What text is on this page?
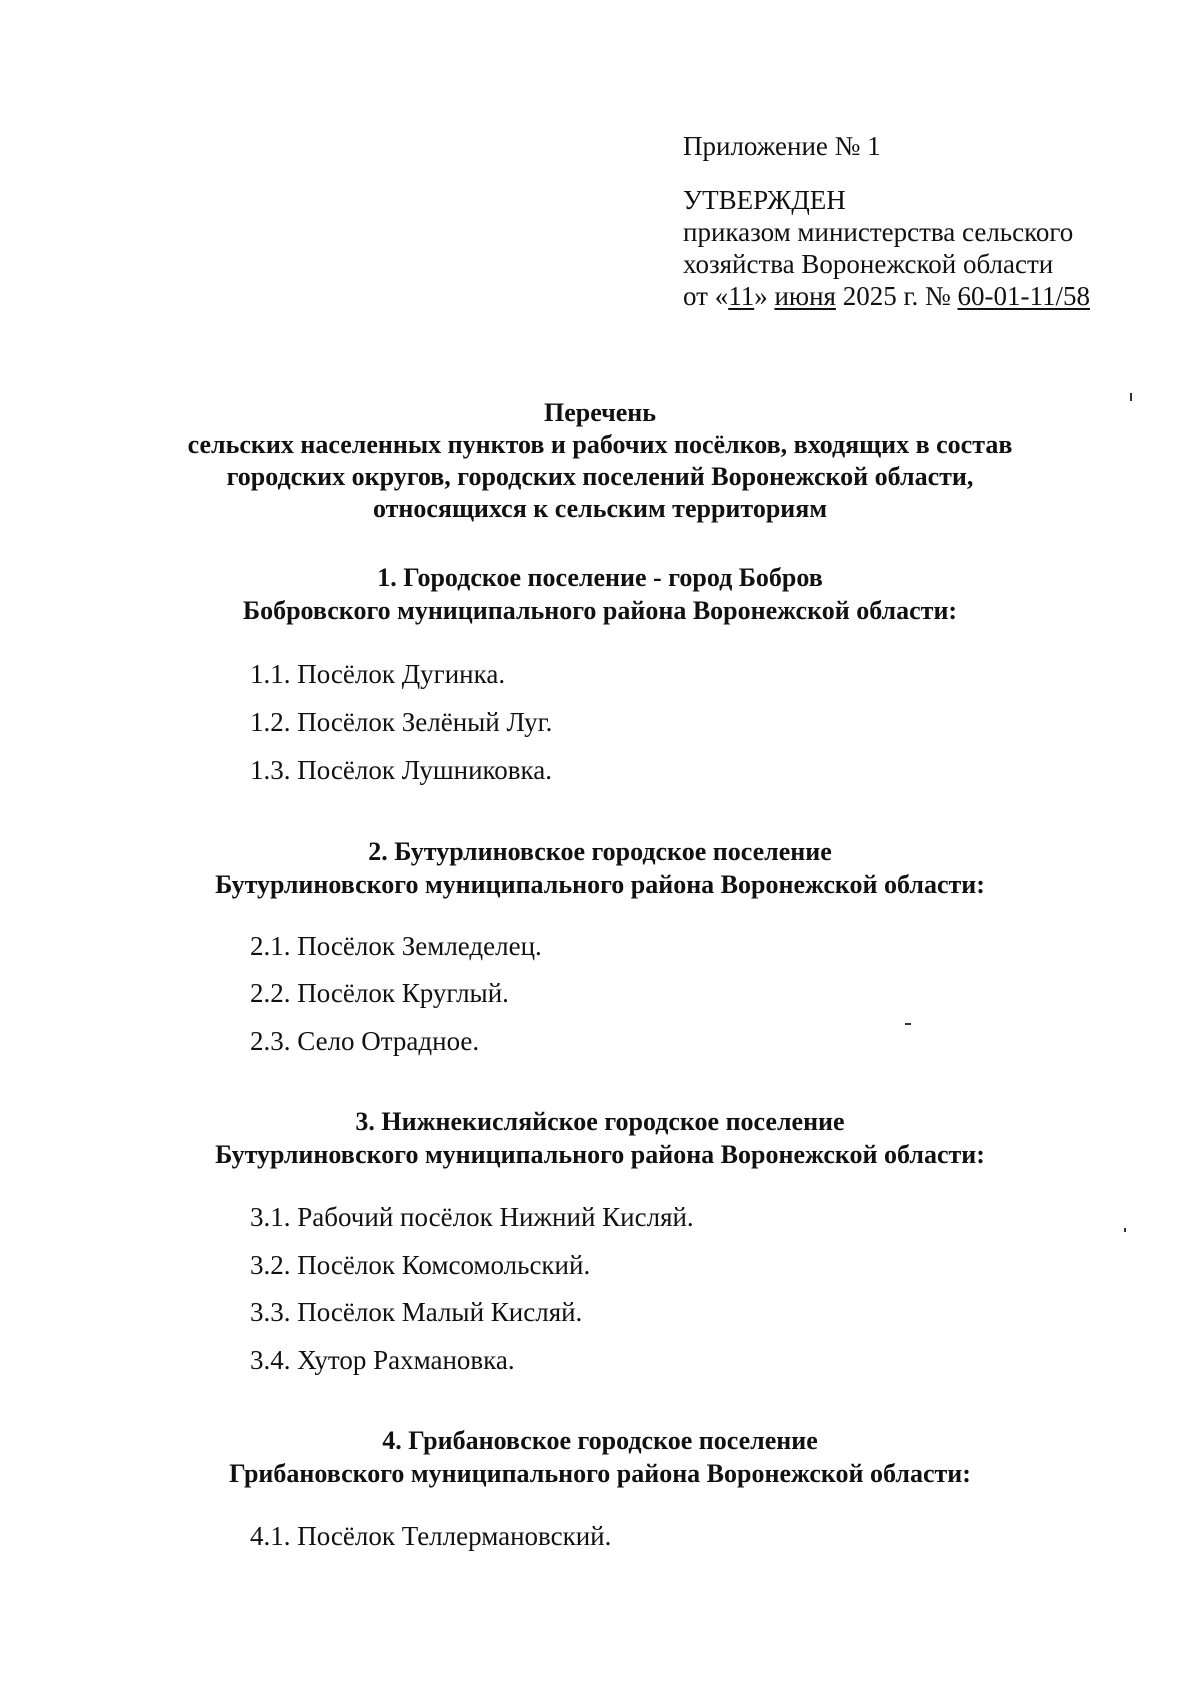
Приложение № 1
УТВЕРЖДЕН
приказом министерства сельского
хозяйства Воронежской области
от «11» июня 2025 г. № 60-01-11/58
Перечень
сельских населенных пунктов и рабочих посёлков, входящих в состав
городских округов, городских поселений Воронежской области,
относящихся к сельским территориям
1. Городское поселение - город Бобров
Бобровского муниципального района Воронежской области:
1.1. Посёлок Дугинка.
1.2. Посёлок Зелёный Луг.
1.3. Посёлок Лушниковка.
2. Бутурлиновское городское поселение
Бутурлиновского муниципального района Воронежской области:
2.1. Посёлок Земледелец.
2.2. Посёлок Круглый.
2.3. Село Отрадное.
3. Нижнекисляйское городское поселение
Бутурлиновского муниципального района Воронежской области:
3.1. Рабочий посёлок Нижний Кисляй.
3.2. Посёлок Комсомольский.
3.3. Посёлок Малый Кисляй.
3.4. Хутор Рахмановка.
4. Грибановское городское поселение
Грибановского муниципального района Воронежской области:
4.1. Посёлок Теллермановский.
